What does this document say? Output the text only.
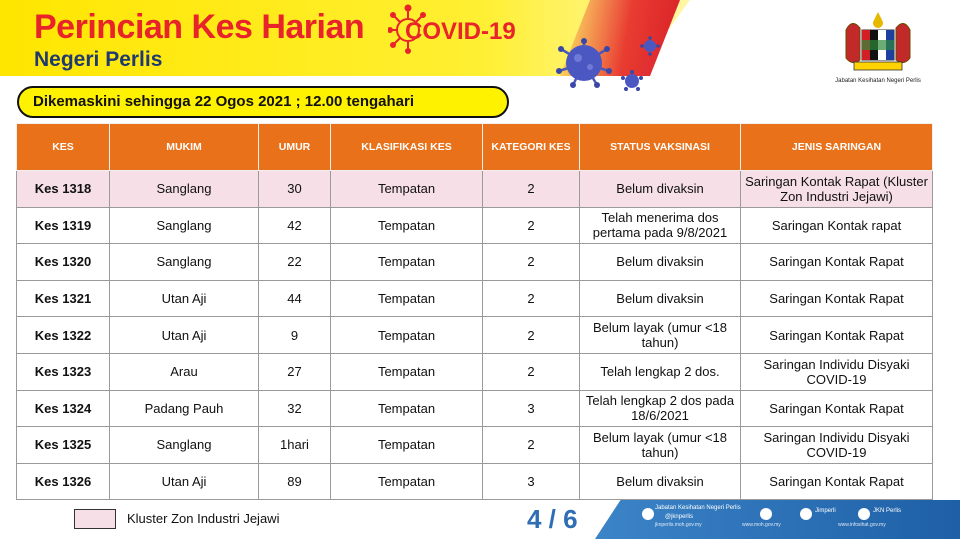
Perincian Kes Harian COVID-19
Negeri Perlis
Jabatan Kesihatan Negeri Perlis
Dikemaskini sehingga 22 Ogos 2021 ; 12.00 tengahari
KES	MUKIM	UMUR	KLASIFIKASI KES	KATEGORI KES	STATUS VAKSINASI	JENIS SARINGAN
Kes 1318	Sanglang	30	Tempatan	2	Belum divaksin	Saringan Kontak Rapat (Kluster Zon Industri Jejawi)
Kes 1319	Sanglang	42	Tempatan	2	Telah menerima dos pertama pada 9/8/2021	Saringan Kontak rapat
Kes 1320	Sanglang	22	Tempatan	2	Belum divaksin	Saringan Kontak Rapat
Kes 1321	Utan Aji	44	Tempatan	2	Belum divaksin	Saringan Kontak Rapat
Kes 1322	Utan Aji	9	Tempatan	2	Belum layak (umur <18 tahun)	Saringan Kontak Rapat
Kes 1323	Arau	27	Tempatan	2	Telah lengkap 2 dos.	Saringan Individu Disyaki COVID-19
Kes 1324	Padang Pauh	32	Tempatan	3	Telah lengkap 2 dos pada 18/6/2021	Saringan Kontak Rapat
Kes 1325	Sanglang	1hari	Tempatan	2	Belum layak (umur <18 tahun)	Saringan Individu Disyaki COVID-19
Kes 1326	Utan Aji	89	Tempatan	3	Belum divaksin	Saringan Kontak Rapat
Kluster Zon Industri Jejawi	4 / 6	Jabatan Kesihatan Negeri Perlis
@jknperlis
Jimperli	JKN Perlis
jknperlis.moh.gov.my	www.moh.gov.my	www.infosihat.gov.my
